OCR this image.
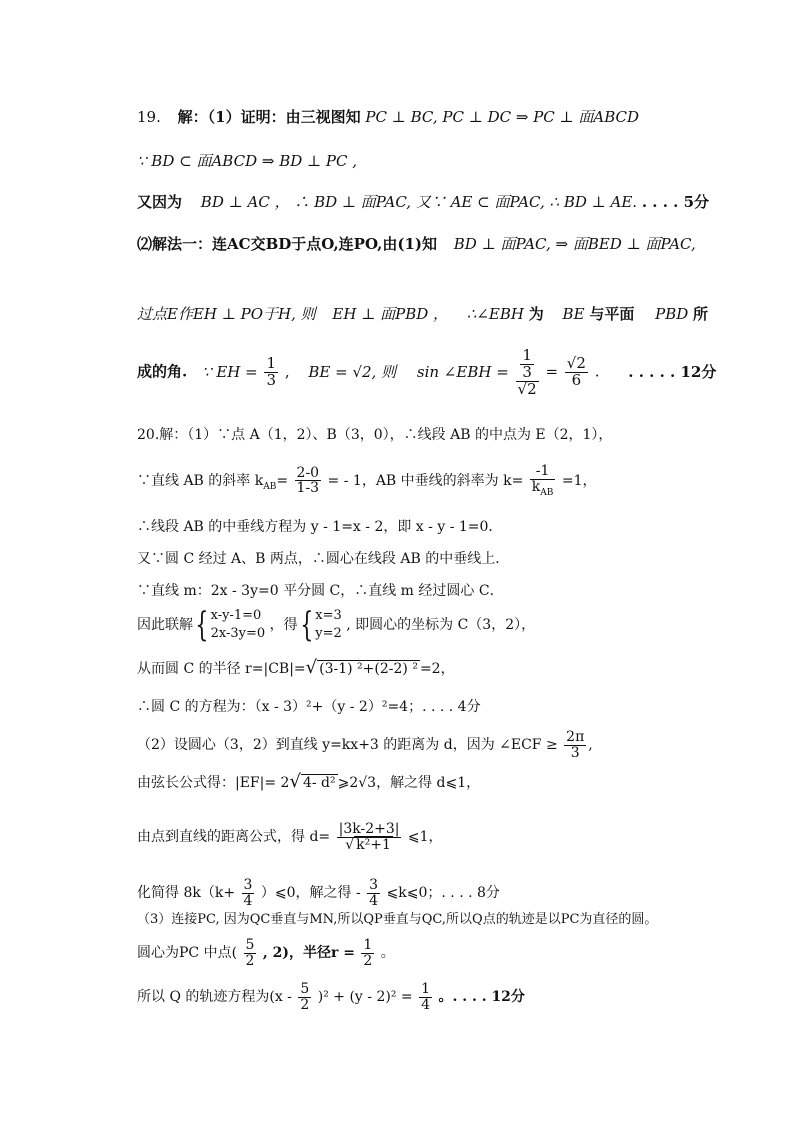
19. 解：（1）证明：由三视图知 PC ⊥ BC, PC ⊥ DC ⇒ PC ⊥ 面ABCD
∵ BD ⊂ 面ABCD ⇒ BD ⊥ PC ,
又因为 BD ⊥ AC ， ∴ BD ⊥ 面PAC, 又∵ AE ⊂ 面PAC, ∴ BD ⊥ AE. . . . . 5分
⑵解法一：连AC交BD于点O,连PO,由(1)知 BD ⊥ 面PAC, ⇒ 面BED ⊥ 面PAC,
过点E作EH ⊥ PO于H, 则 EH ⊥ 面PBD ， ∴∠EBH 为 BE 与平面 PBD 所
成的角. ∵ EH = $\frac{1}{3}$ , BE = √2, 则 sin ∠EBH = $\frac{\frac{1}{3}}{√2} = \frac{√2}{6}$ . . . . . . 12分
20.解：（1）∵点 A（1，2）、B（3，0），∴线段 AB 的中点为 E（2，1），
∵直线 AB 的斜率 $k_{AB}= \frac{2-0}{1-3}$ = - 1，AB 中垂线的斜率为 $k= \frac{-1}{k_{AB}} =1$，
∴线段 AB 的中垂线方程为 y - 1=x - 2，即 x - y - 1=0．
又∵圆 C 经过 A、B 两点，∴圆心在线段 AB 的中垂线上．
∵直线 m：2x - 3y=0 平分圆 C，∴直线 m 经过圆心 C．
因此联解{ x-y-1=0
2x-3y=0
，得{ x=3
y=2
, 即圆心的坐标为 C（3，2），
从而圆 C 的半径 r=|CB|=√ (3-1) ²+(2-2) ² =2，
∴圆 C 的方程为：（x - 3）²+（y - 2）²=4；. . . . 4分
（2）设圆心（3，2）到直线 y=kx+3 的距离为 d，因为 ∠ECF ≥ $\frac{2\pi}{3}$ ,
由弦长公式得：|EF|= 2√ 4- d² ⩾2√3，解之得 d⩽1，
由点到直线的距离公式，得 $d= \frac{|3k-2+3|}{\text{√ k²+1}}$ ⩽1，
化简得 $8k(k+ \frac{3}{4}$ ）⩽0，解之得 - $\frac{3}{4}$ ⩽k⩽0；. . . . 8分
（3）连接PC, 因为QC垂直与MN,所以QP垂直与QC,所以Q点的轨迹是以PC为直径的圆。
圆心为PC 中点( $\frac{5}{2}$ , 2)，半径$r = \frac{1}{2}$ 。
所以 Q 的轨迹方程为$(x - \frac{5}{2} )^2 + (y - 2)^2 = \frac{1}{4}$ 。. . . . 12分
